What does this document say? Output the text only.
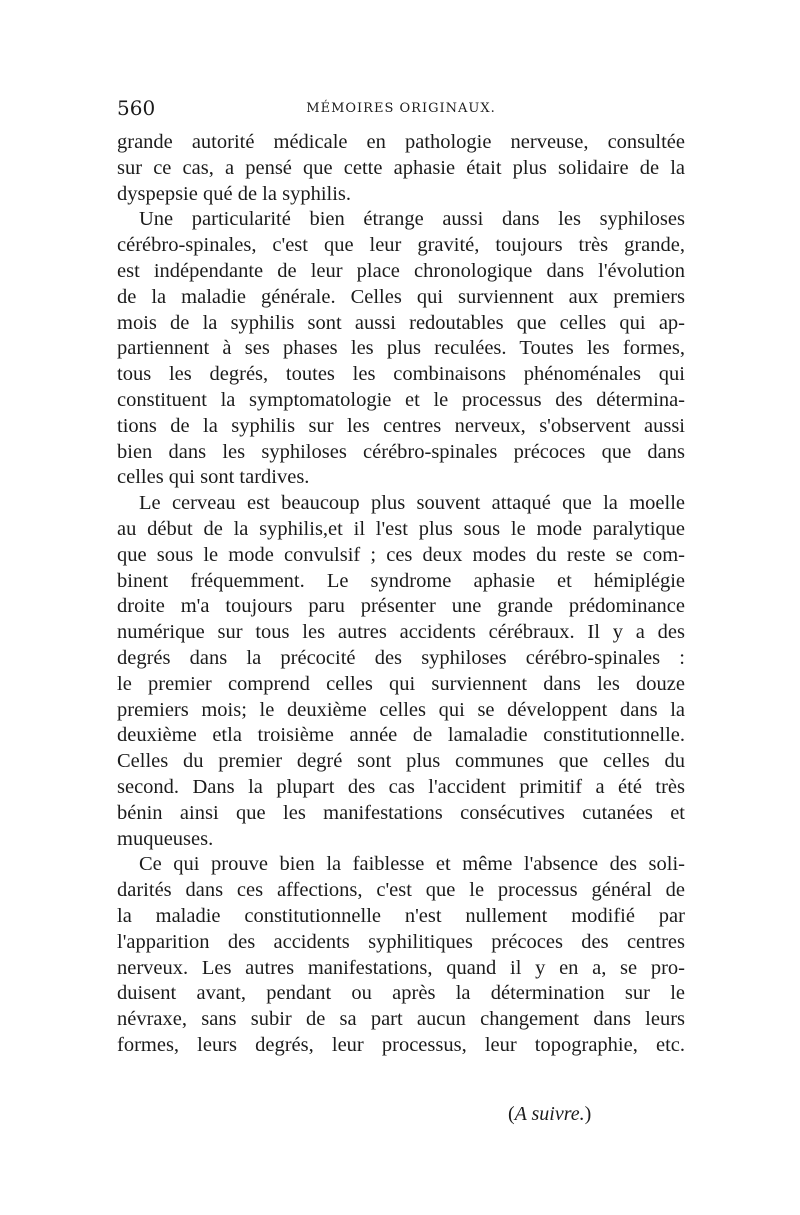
560	MÉMOIRES ORIGINAUX.
grande autorité médicale en pathologie nerveuse, consultée
sur ce cas, a pensé que cette aphasie était plus solidaire de la
dyspepsie qué de la syphilis.
Une particularité bien étrange aussi dans les syphiloses
cérébro-spinales, c'est que leur gravité, toujours très grande,
est indépendante de leur place chronologique dans l'évolution
de la maladie générale. Celles qui surviennent aux premiers
mois de la syphilis sont aussi redoutables que celles qui ap-
partiennent à ses phases les plus reculées. Toutes les formes,
tous les degrés, toutes les combinaisons phénoménales qui
constituent la symptomatologie et le processus des détermina-
tions de la syphilis sur les centres nerveux, s'observent aussi
bien dans les syphiloses cérébro-spinales précoces que dans
celles qui sont tardives.
Le cerveau est beaucoup plus souvent attaqué que la moelle
au début de la syphilis,et il l'est plus sous le mode paralytique
que sous le mode convulsif ; ces deux modes du reste se com-
binent fréquemment. Le syndrome aphasie et hémiplégie
droite m'a toujours paru présenter une grande prédominance
numérique sur tous les autres accidents cérébraux. Il y a des
degrés dans la précocité des syphiloses cérébro-spinales :
le premier comprend celles qui surviennent dans les douze
premiers mois; le deuxième celles qui se développent dans la
deuxième etla troisième année de lamaladie constitutionnelle.
Celles du premier degré sont plus communes que celles du
second. Dans la plupart des cas l'accident primitif a été très
bénin ainsi que les manifestations consécutives cutanées et
muqueuses.
Ce qui prouve bien la faiblesse et même l'absence des soli-
darités dans ces affections, c'est que le processus général de
la maladie constitutionnelle n'est nullement modifié par
l'apparition des accidents syphilitiques précoces des centres
nerveux. Les autres manifestations, quand il y en a, se pro-
duisent avant, pendant ou après la détermination sur le
névraxe, sans subir de sa part aucun changement dans leurs
formes, leurs degrés, leur processus, leur topographie, etc.
(A suivre.)
